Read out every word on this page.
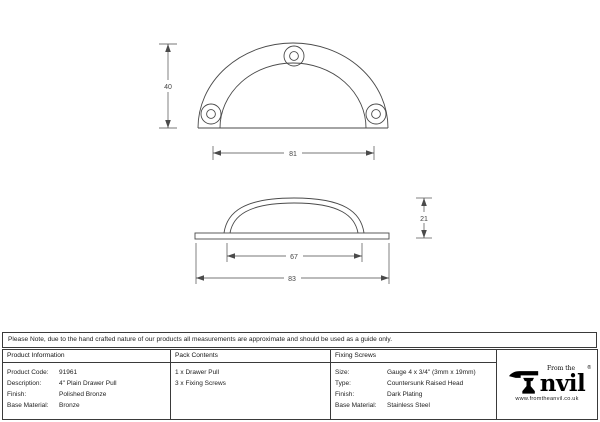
40
81
21
67
83
Please Note, due to the hand crafted nature of our products all measurements are approximate and should be used as a guide only.
Product Information
Product Code:	91961
Description:	4" Plain Drawer Pull
Finish:	Polished Bronze
Base Material:	Bronze
Pack Contents
1 x Drawer Pull
3 x Fixing Screws
Fixing Screws
Size:	Gauge 4 x 3/4" (3mm x 19mm)
Type:	Countersunk Raised Head
Finish:	Dark Plating
Base Material:	Stainless Steel
From the ®
nvil
www.fromtheanvil.co.uk
